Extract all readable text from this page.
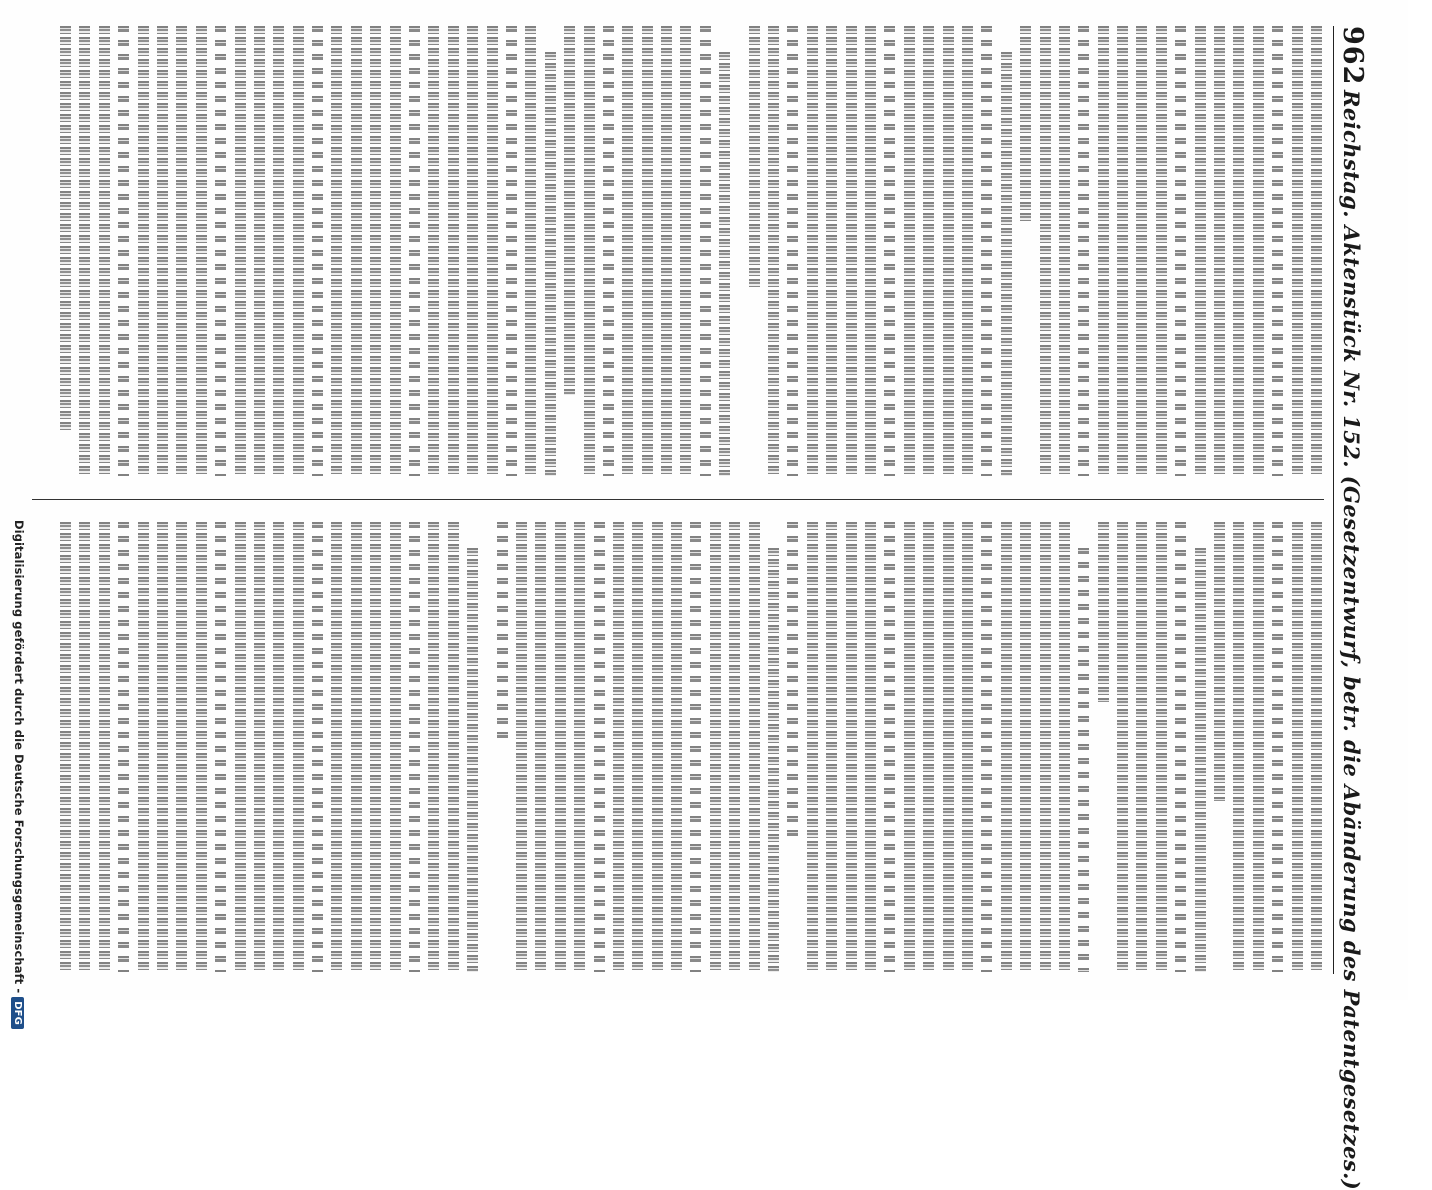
962
Reichstag. Aktenstück Nr. 152. (Gesetzentwurf, betr. die Abänderung des Patentgesetzes.)
Digitalisierung gefördert durch die Deutsche Forschungsgemeinschaft -DFG
